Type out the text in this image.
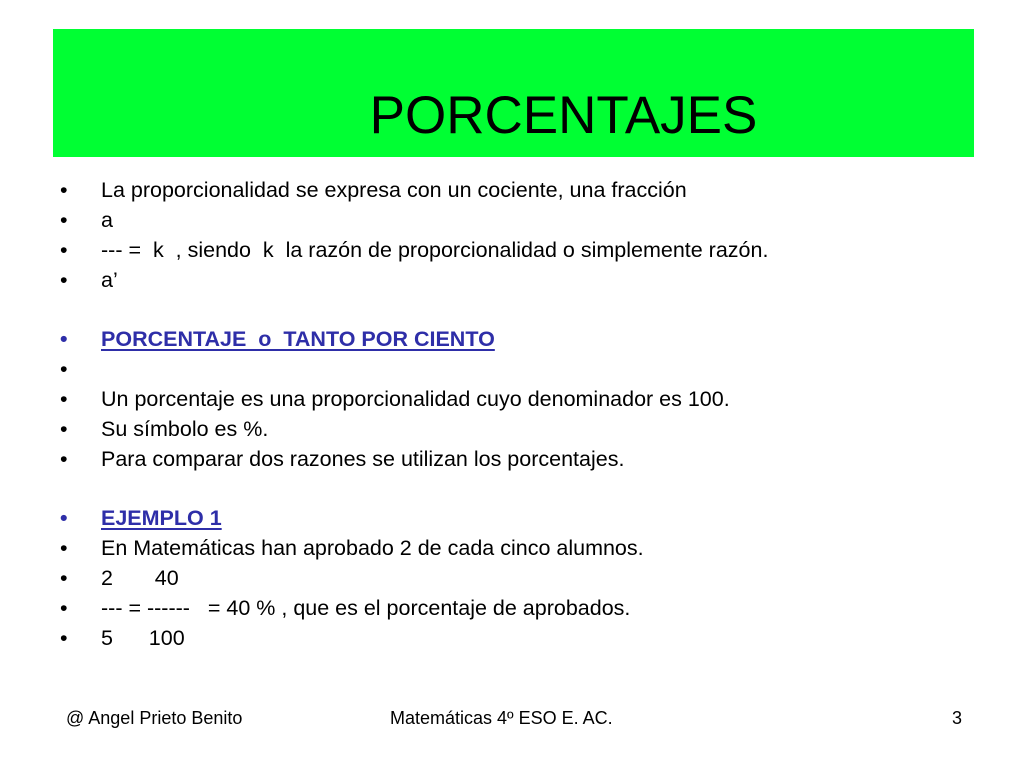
PORCENTAJES

•

	La proporcionalidad se expresa con un cociente, una fracción

•

	a

•

	--- =  k  , siendo  k  la razón de proporcionalidad o simplemente razón.

•

	a’

•

	PORCENTAJE  o  TANTO POR CIENTO

•

•

	Un porcentaje es una proporcionalidad cuyo denominador es 100.

•

	Su símbolo es %.

•

	Para comparar dos razones se utilizan los porcentajes.

•

	EJEMPLO 1

•

	En Matemáticas han aprobado 2 de cada cinco alumnos.

•

	2       40

•

	--- = ------   = 40 % , que es el porcentaje de aprobados.

•

	5      100

@ Angel Prieto Benito	Matemáticas 4º ESO E. AC.	3
